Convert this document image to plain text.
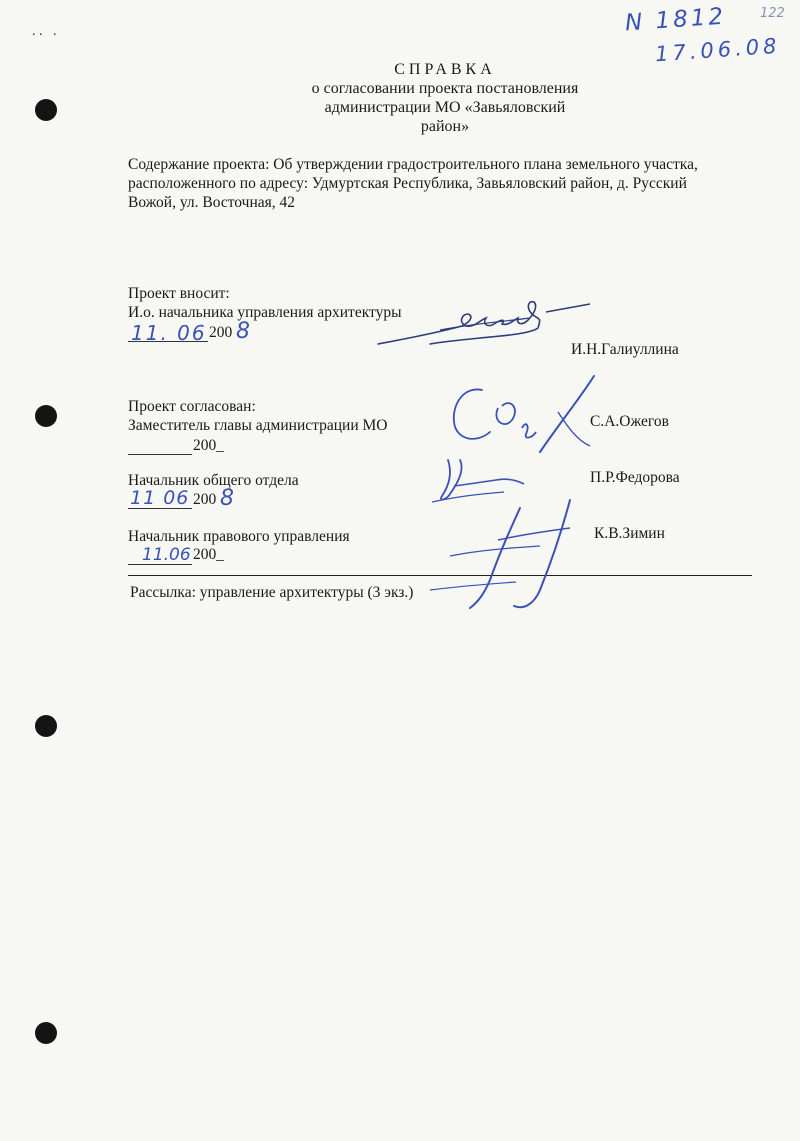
. .   .	N 1812
17.06.08
122
СПРАВКА
о согласовании проекта постановления
администрации МО «Завьяловский район»
Содержание проекта: Об утверждении градостроительного плана земельного участка,
расположенного по адресу: Удмуртская Республика, Завьяловский район, д. Русский
Вожой, ул. Восточная, 42
Проект вносит:
И.о. начальника управления архитектуры
11. 06 200 8
И.Н.Галиуллина
Проект согласован:
Заместитель главы администрации МО	С.А.Ожегов
200_
Начальник общего отдела	П.Р.Федорова
11 06 200 8
Начальник правового управления	К.В.Зимин
11.06 200_
Рассылка: управление архитектуры (3 экз.)
